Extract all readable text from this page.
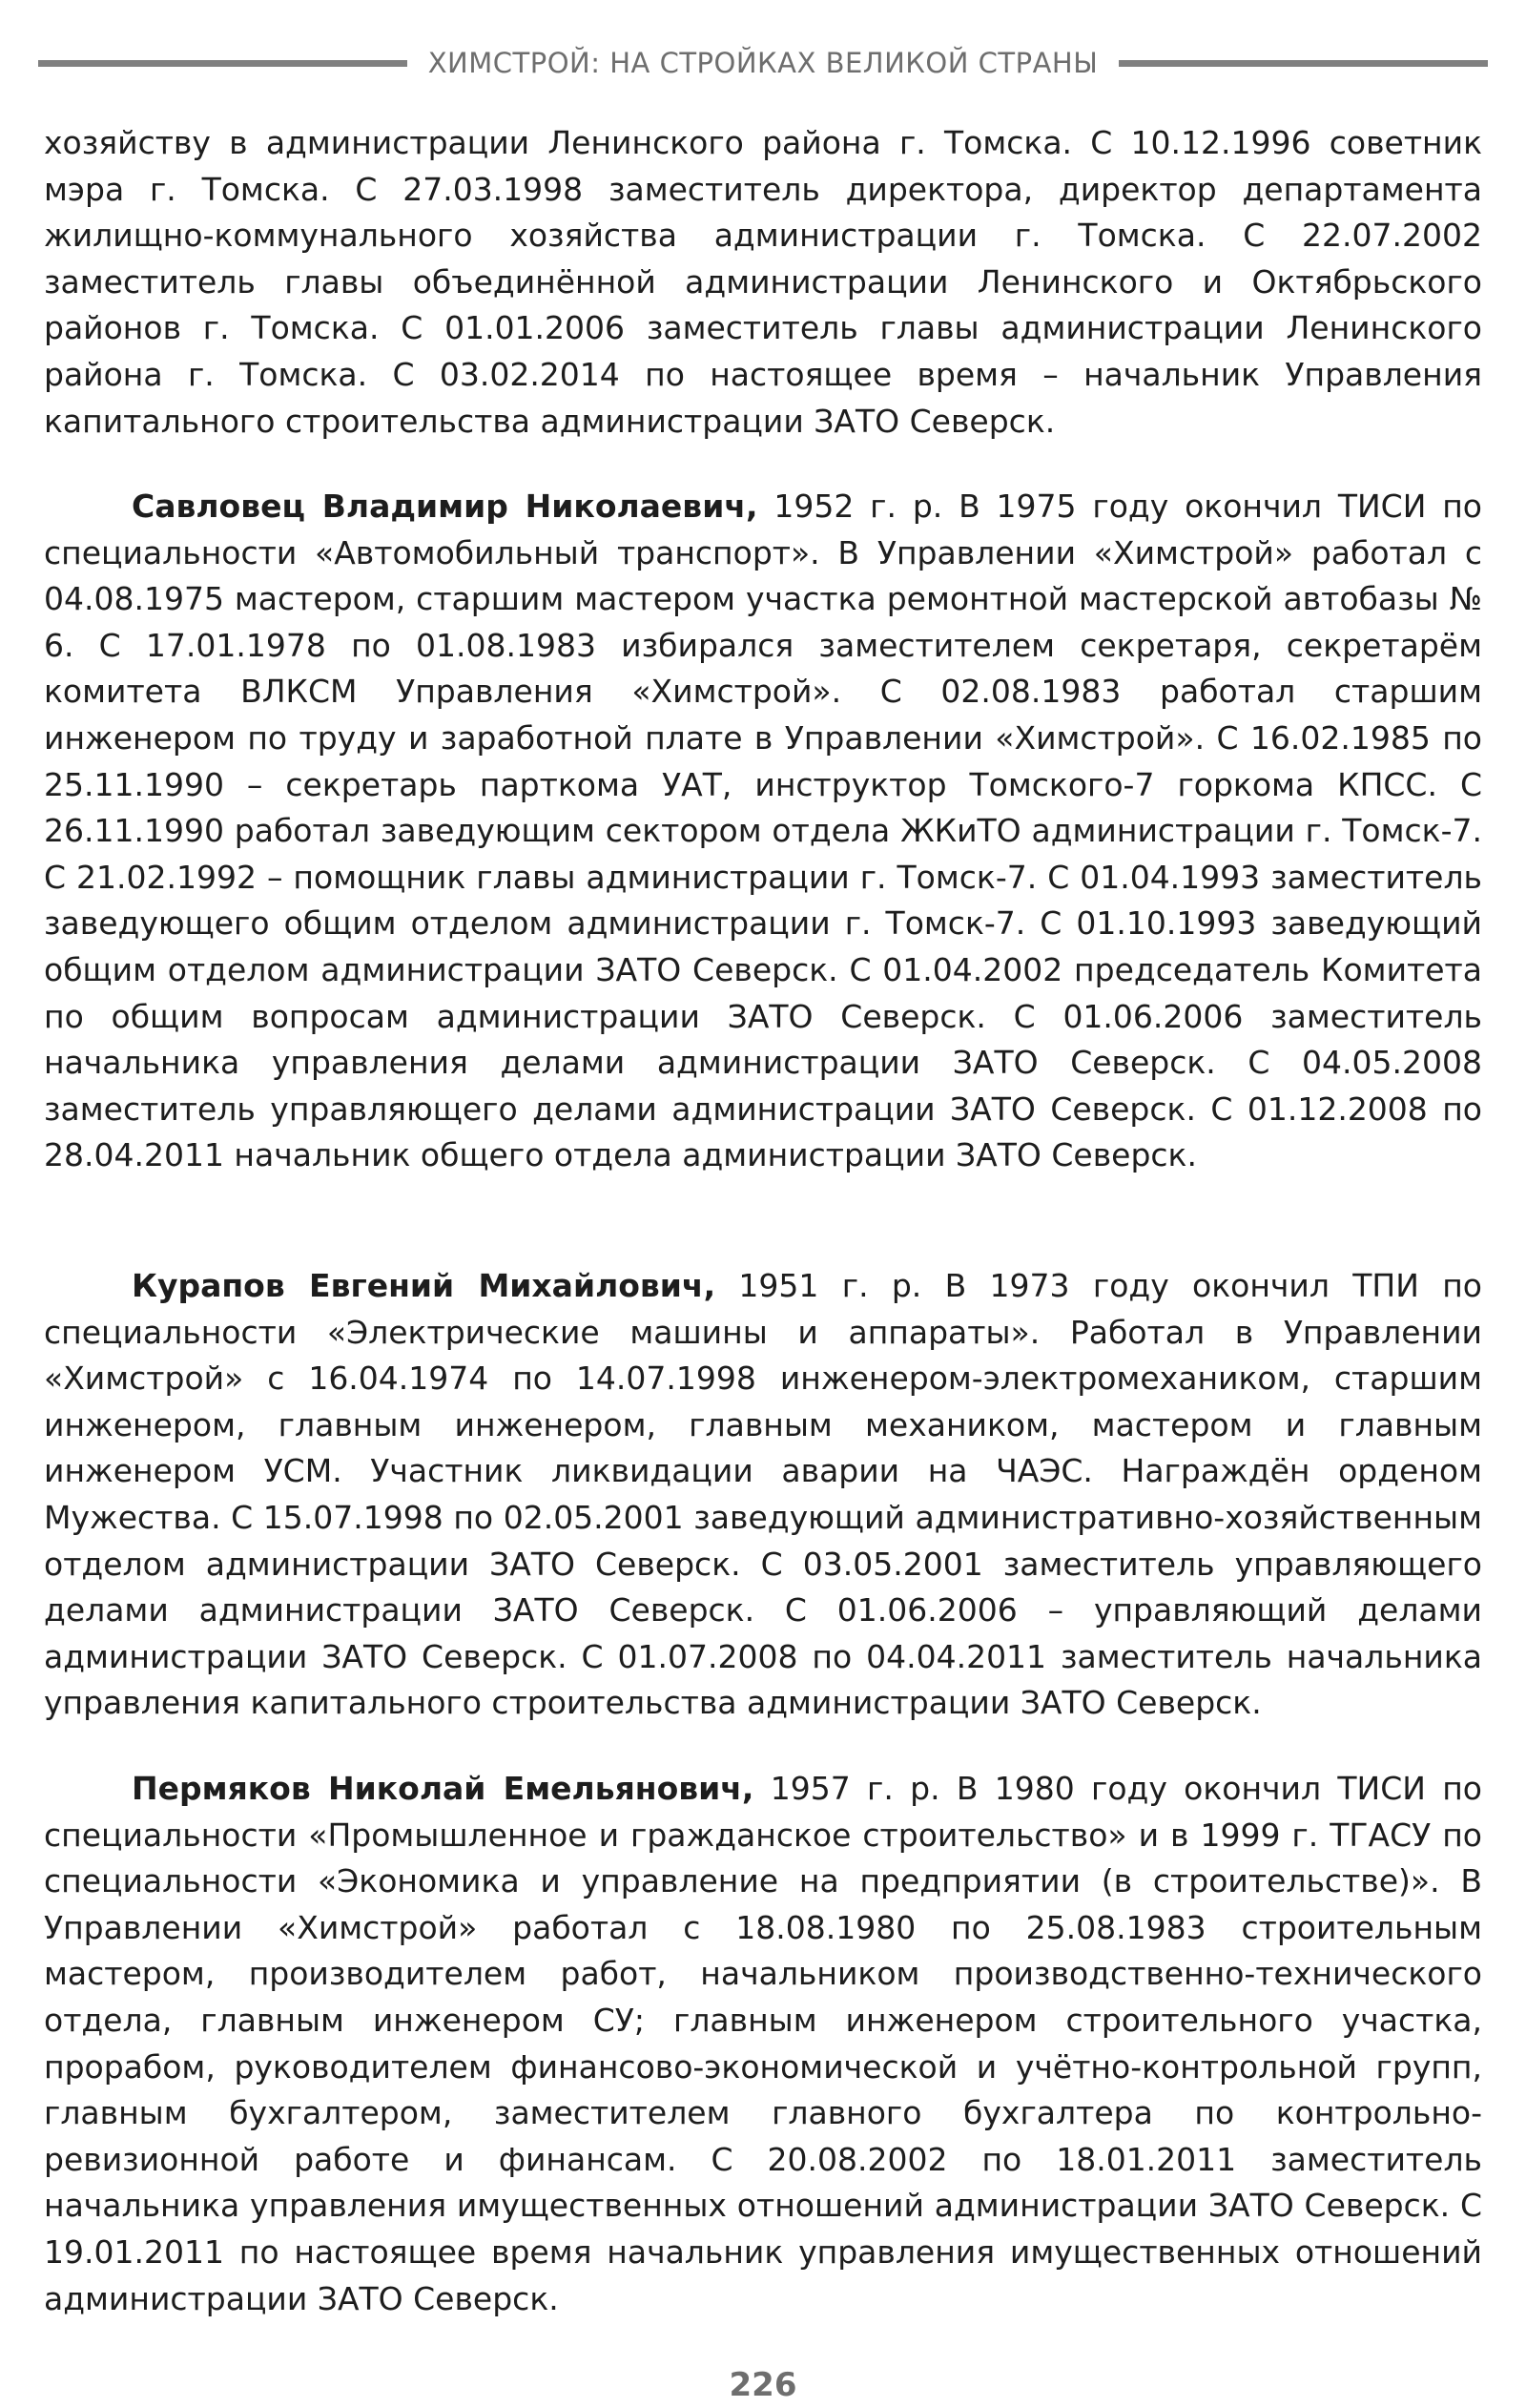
ХИМСТРОЙ: НА СТРОЙКАХ ВЕЛИКОЙ СТРАНЫ

хозяйству в администрации Ленинского района г. Томска. С 10.12.1996 советник мэра г. Томска. С 27.03.1998 заместитель директора, директор департамента жилищно-коммунального хозяйства администрации г. Томска. С 22.07.2002 заместитель главы объединённой администрации Ленинского и Октябрьского районов г. Томска. С 01.01.2006 заместитель главы администрации Ленинского района г. Томска. С 03.02.2014 по настоящее время – начальник Управления капитального строительства администрации ЗАТО Северск.

Савловец Владимир Николаевич, 1952 г. р. В 1975 году окончил ТИСИ по специальности «Автомобильный транспорт». В Управлении «Химстрой» работал с 04.08.1975 мастером, старшим мастером участка ремонтной мастерской автобазы № 6. С 17.01.1978 по 01.08.1983 избирался заместителем секретаря, секретарём комитета ВЛКСМ Управления «Химстрой». С 02.08.1983 работал старшим инженером по труду и заработной плате в Управлении «Химстрой». С 16.02.1985 по 25.11.1990 – секретарь парткома УАТ, инструктор Томского-7 горкома КПСС. С 26.11.1990 работал заведующим сектором отдела ЖКиТО администрации г. Томск-7. С 21.02.1992 – помощник главы администрации г. Томск-7. С 01.04.1993 заместитель заведующего общим отделом администрации г. Томск-7. С 01.10.1993 заведующий общим отделом администрации ЗАТО Северск. С 01.04.2002 председатель Комитета по общим вопросам администрации ЗАТО Северск. С 01.06.2006 заместитель начальника управления делами администрации ЗАТО Северск. С 04.05.2008 заместитель управляющего делами администрации ЗАТО Северск. С 01.12.2008 по 28.04.2011 начальник общего отдела администрации ЗАТО Северск.

Курапов Евгений Михайлович, 1951 г. р. В 1973 году окончил ТПИ по специальности «Электрические машины и аппараты». Работал в Управлении «Химстрой» с 16.04.1974 по 14.07.1998 инженером-электромехаником, старшим инженером, главным инженером, главным механиком, мастером и главным инженером УСМ. Участник ликвидации аварии на ЧАЭС. Награждён орденом Мужества. С 15.07.1998 по 02.05.2001 заведующий административно-хозяйственным отделом администрации ЗАТО Северск. С 03.05.2001 заместитель управляющего делами администрации ЗАТО Северск. С 01.06.2006 – управляющий делами администрации ЗАТО Северск. С 01.07.2008 по 04.04.2011 заместитель начальника управления капитального строительства администрации ЗАТО Северск.

Пермяков Николай Емельянович, 1957 г. р. В 1980 году окончил ТИСИ по специальности «Промышленное и гражданское строительство» и в 1999 г. ТГАСУ по специальности «Экономика и управление на предприятии (в строительстве)». В Управлении «Химстрой» работал с 18.08.1980 по 25.08.1983 строительным мастером, производителем работ, начальником производственно-технического отдела, главным инженером СУ; главным инженером строительного участка, прорабом, руководителем финансово-экономической и учётно-контрольной групп, главным бухгалтером, заместителем главного бухгалтера по контрольно-ревизионной работе и финансам. С 20.08.2002 по 18.01.2011 заместитель начальника управления имущественных отношений администрации ЗАТО Северск. С 19.01.2011 по настоящее время начальник управления имущественных отношений администрации ЗАТО Северск.

226
